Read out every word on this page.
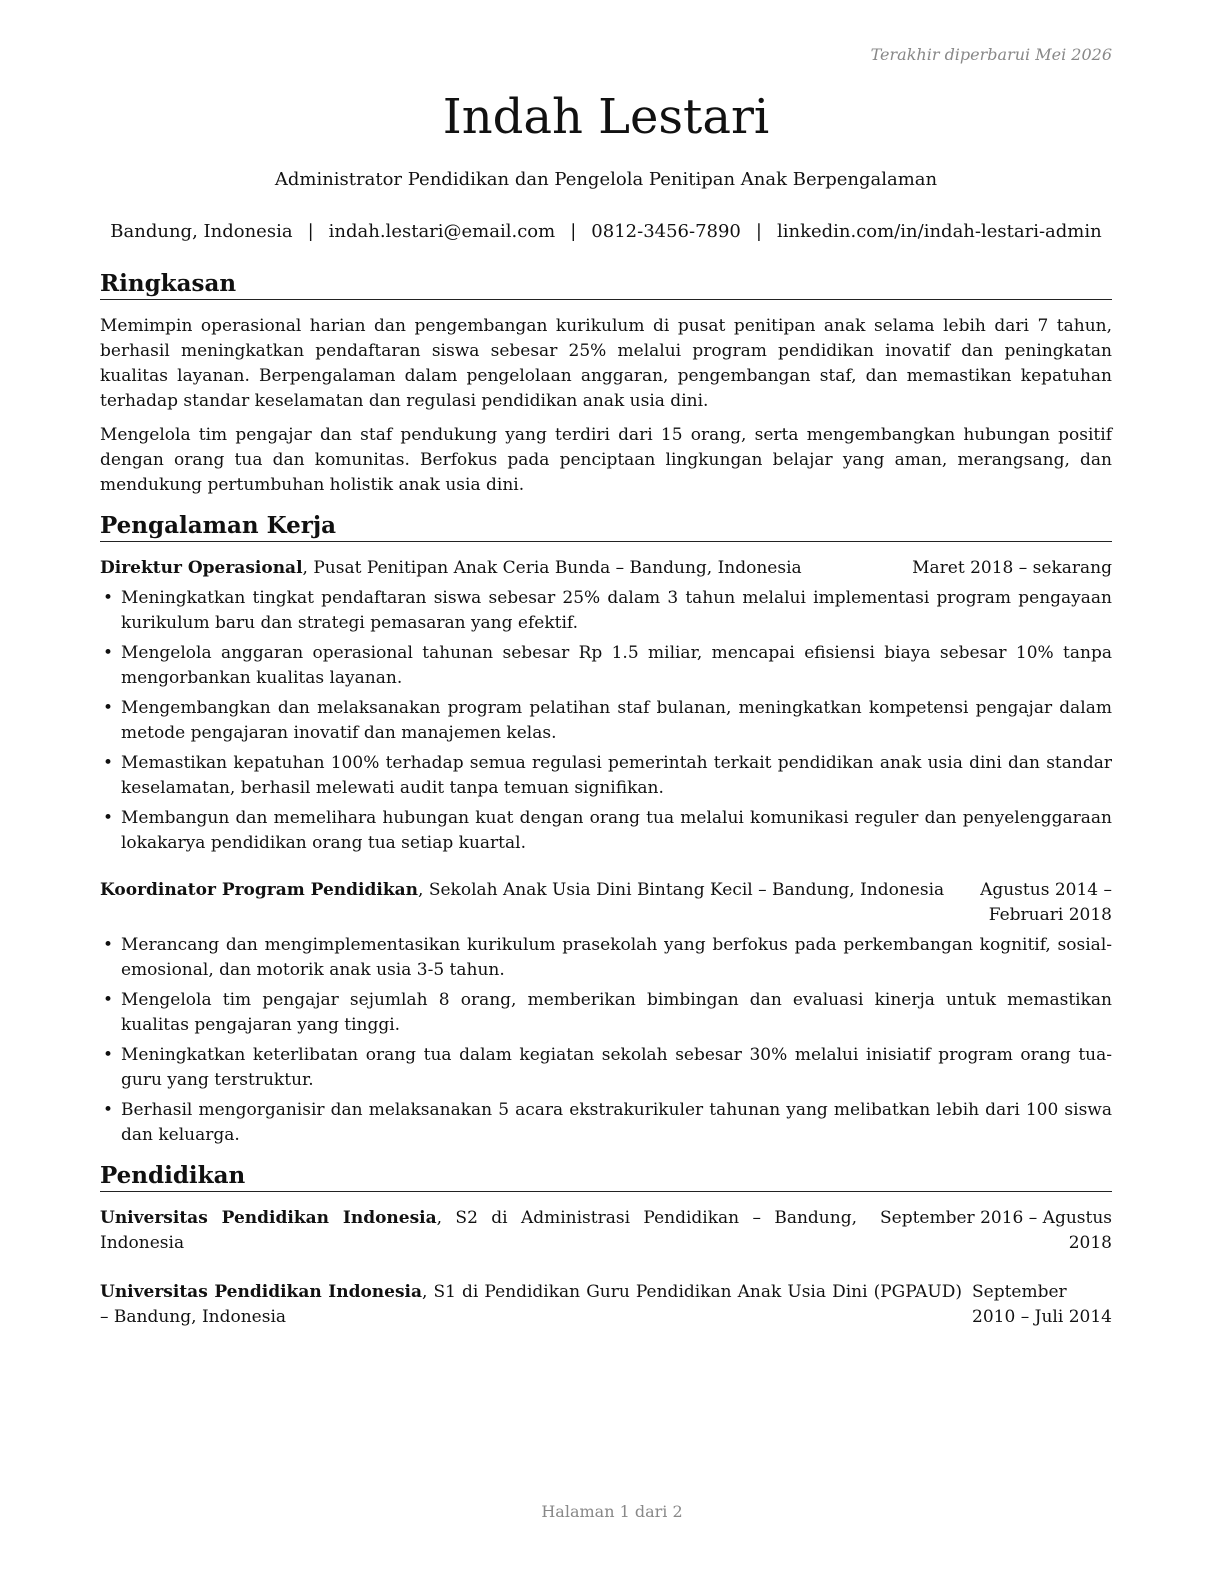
Terakhir diperbarui Mei 2026
Indah Lestari
Administrator Pendidikan dan Pengelola Penitipan Anak Berpengalaman
Bandung, Indonesia | indah.lestari@email.com | 0812-3456-7890 | linkedin.com/in/indah-lestari-admin
Ringkasan

Memimpin operasional harian dan pengembangan kurikulum di pusat penitipan anak selama lebih dari 7 tahun, berhasil meningkatkan pendaftaran siswa sebesar 25% melalui program pendidikan inovatif dan peningkatan kualitas layanan. Berpengalaman dalam pengelolaan anggaran, pengembangan staf, dan memastikan kepatuhan terhadap standar keselamatan dan regulasi pendidikan anak usia dini.

Mengelola tim pengajar dan staf pendukung yang terdiri dari 15 orang, serta mengembangkan hubungan positif dengan orang tua dan komunitas. Berfokus pada penciptaan lingkungan belajar yang aman, merangsang, dan mendukung pertumbuhan holistik anak usia dini.

Pengalaman Kerja
Direktur Operasional, Pusat Penitipan Anak Ceria Bunda – Bandung, Indonesia	Maret 2018 – sekarang
• Meningkatkan tingkat pendaftaran siswa sebesar 25% dalam 3 tahun melalui implementasi program pengayaan kurikulum baru dan strategi pemasaran yang efektif.
• Mengelola anggaran operasional tahunan sebesar Rp 1.5 miliar, mencapai efisiensi biaya sebesar 10% tanpa mengorbankan kualitas layanan.
• Mengembangkan dan melaksanakan program pelatihan staf bulanan, meningkatkan kompetensi pengajar dalam metode pengajaran inovatif dan manajemen kelas.
• Memastikan kepatuhan 100% terhadap semua regulasi pemerintah terkait pendidikan anak usia dini dan standar keselamatan, berhasil melewati audit tanpa temuan signifikan.
• Membangun dan memelihara hubungan kuat dengan orang tua melalui komunikasi reguler dan penyelenggaraan lokakarya pendidikan orang tua setiap kuartal.
Koordinator Program Pendidikan, Sekolah Anak Usia Dini Bintang Kecil – Bandung, Indonesia	Agustus 2014 – Februari 2018
• Merancang dan mengimplementasikan kurikulum prasekolah yang berfokus pada perkembangan kognitif, sosial-emosional, dan motorik anak usia 3-5 tahun.
• Mengelola tim pengajar sejumlah 8 orang, memberikan bimbingan dan evaluasi kinerja untuk memastikan kualitas pengajaran yang tinggi.
• Meningkatkan keterlibatan orang tua dalam kegiatan sekolah sebesar 30% melalui inisiatif program orang tua-guru yang terstruktur.
• Berhasil mengorganisir dan melaksanakan 5 acara ekstrakurikuler tahunan yang melibatkan lebih dari 100 siswa dan keluarga.
Pendidikan
Universitas Pendidikan Indonesia, S2 di Administrasi Pendidikan – Bandung, Indonesia
September 2016 – Agustus 2018
Universitas Pendidikan Indonesia, S1 di Pendidikan Guru Pendidikan Anak Usia Dini (PGPAUD) – Bandung, Indonesia
September 2010 – Juli 2014
Halaman 1 dari 2
